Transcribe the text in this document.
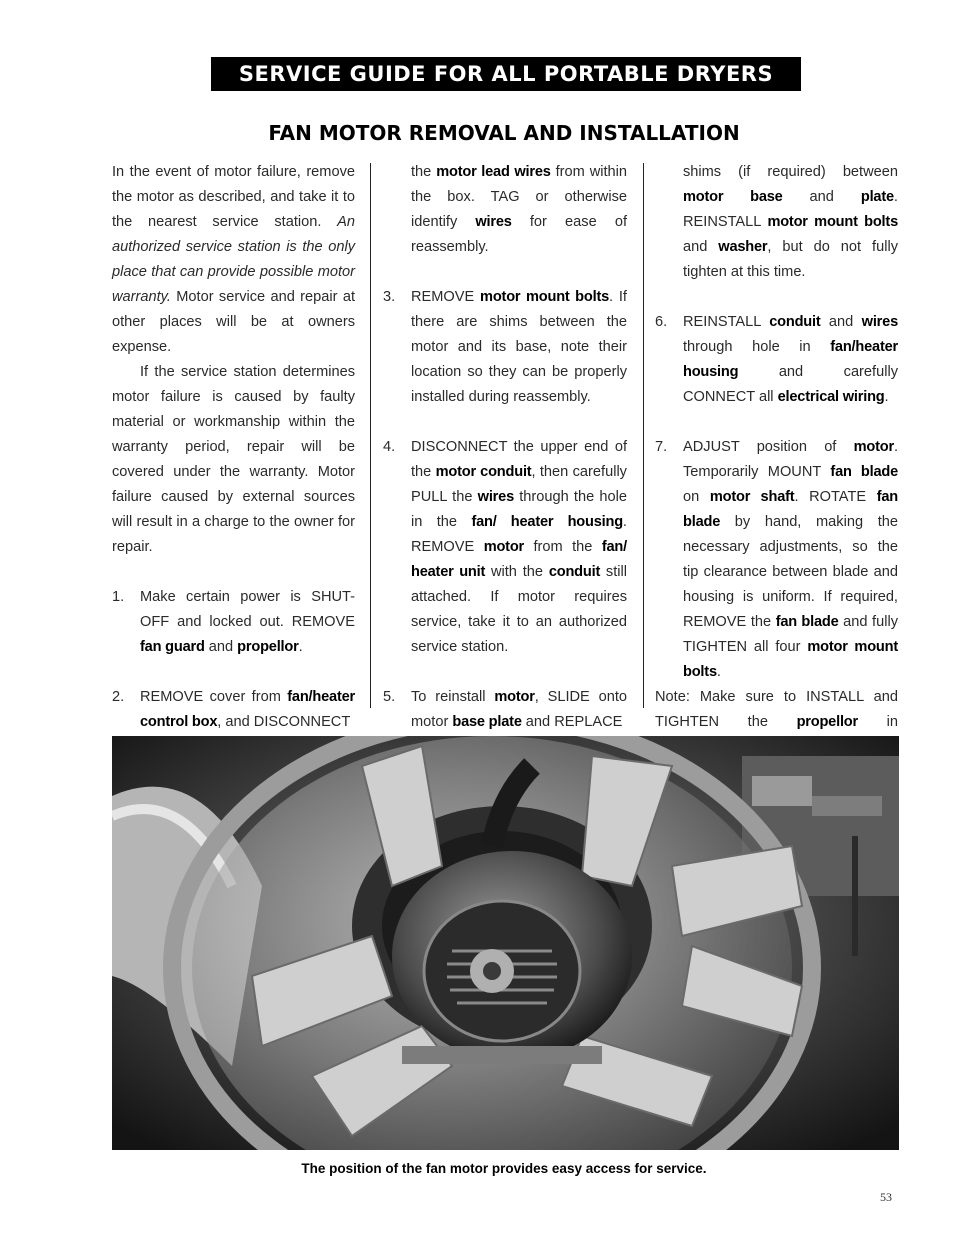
SERVICE GUIDE FOR ALL PORTABLE DRYERS
FAN MOTOR REMOVAL AND INSTALLATION

In the event of motor failure, remove the motor as described, and take it to the nearest service station. An authorized service station is the only place that can provide possible motor warranty. Motor service and repair at other places will be at owners expense.

If the service station determines motor failure is caused by faulty material or workmanship within the warranty period, repair will be covered under the warranty. Motor failure caused by external sources will result in a charge to the owner for repair.

1.	Make certain power is SHUT-OFF and locked out. REMOVE fan guard and propellor.
2.	REMOVE cover from fan/heater control box, and DISCONNECT
the motor lead wires from within the box. TAG or otherwise identify wires for ease of reassembly.
3.	REMOVE motor mount bolts. If there are shims between the motor and its base, note their location so they can be properly installed during reassembly.
4.	DISCONNECT the upper end of the motor conduit, then carefully PULL the wires through the hole in the fan/ heater housing. REMOVE motor from the fan/ heater unit with the conduit still attached. If motor requires service, take it to an authorized service station.
5.	To reinstall motor, SLIDE onto motor base plate and REPLACE
shims (if required) between motor base and plate. REINSTALL motor mount bolts and washer, but do not fully tighten at this time.
6.	REINSTALL conduit and wires through hole in fan/heater housing and carefully CONNECT all electrical wiring.
7.	ADJUST position of motor. Temporarily MOUNT fan blade on motor shaft. ROTATE fan blade by hand, making the necessary adjustments, so the tip clearance between blade and housing is uniform. If required, REMOVE the fan blade and fully TIGHTEN all four motor mount bolts.

Note: Make sure to INSTALL and TIGHTEN the propellor in

The position of the fan motor provides easy access for service.
53
